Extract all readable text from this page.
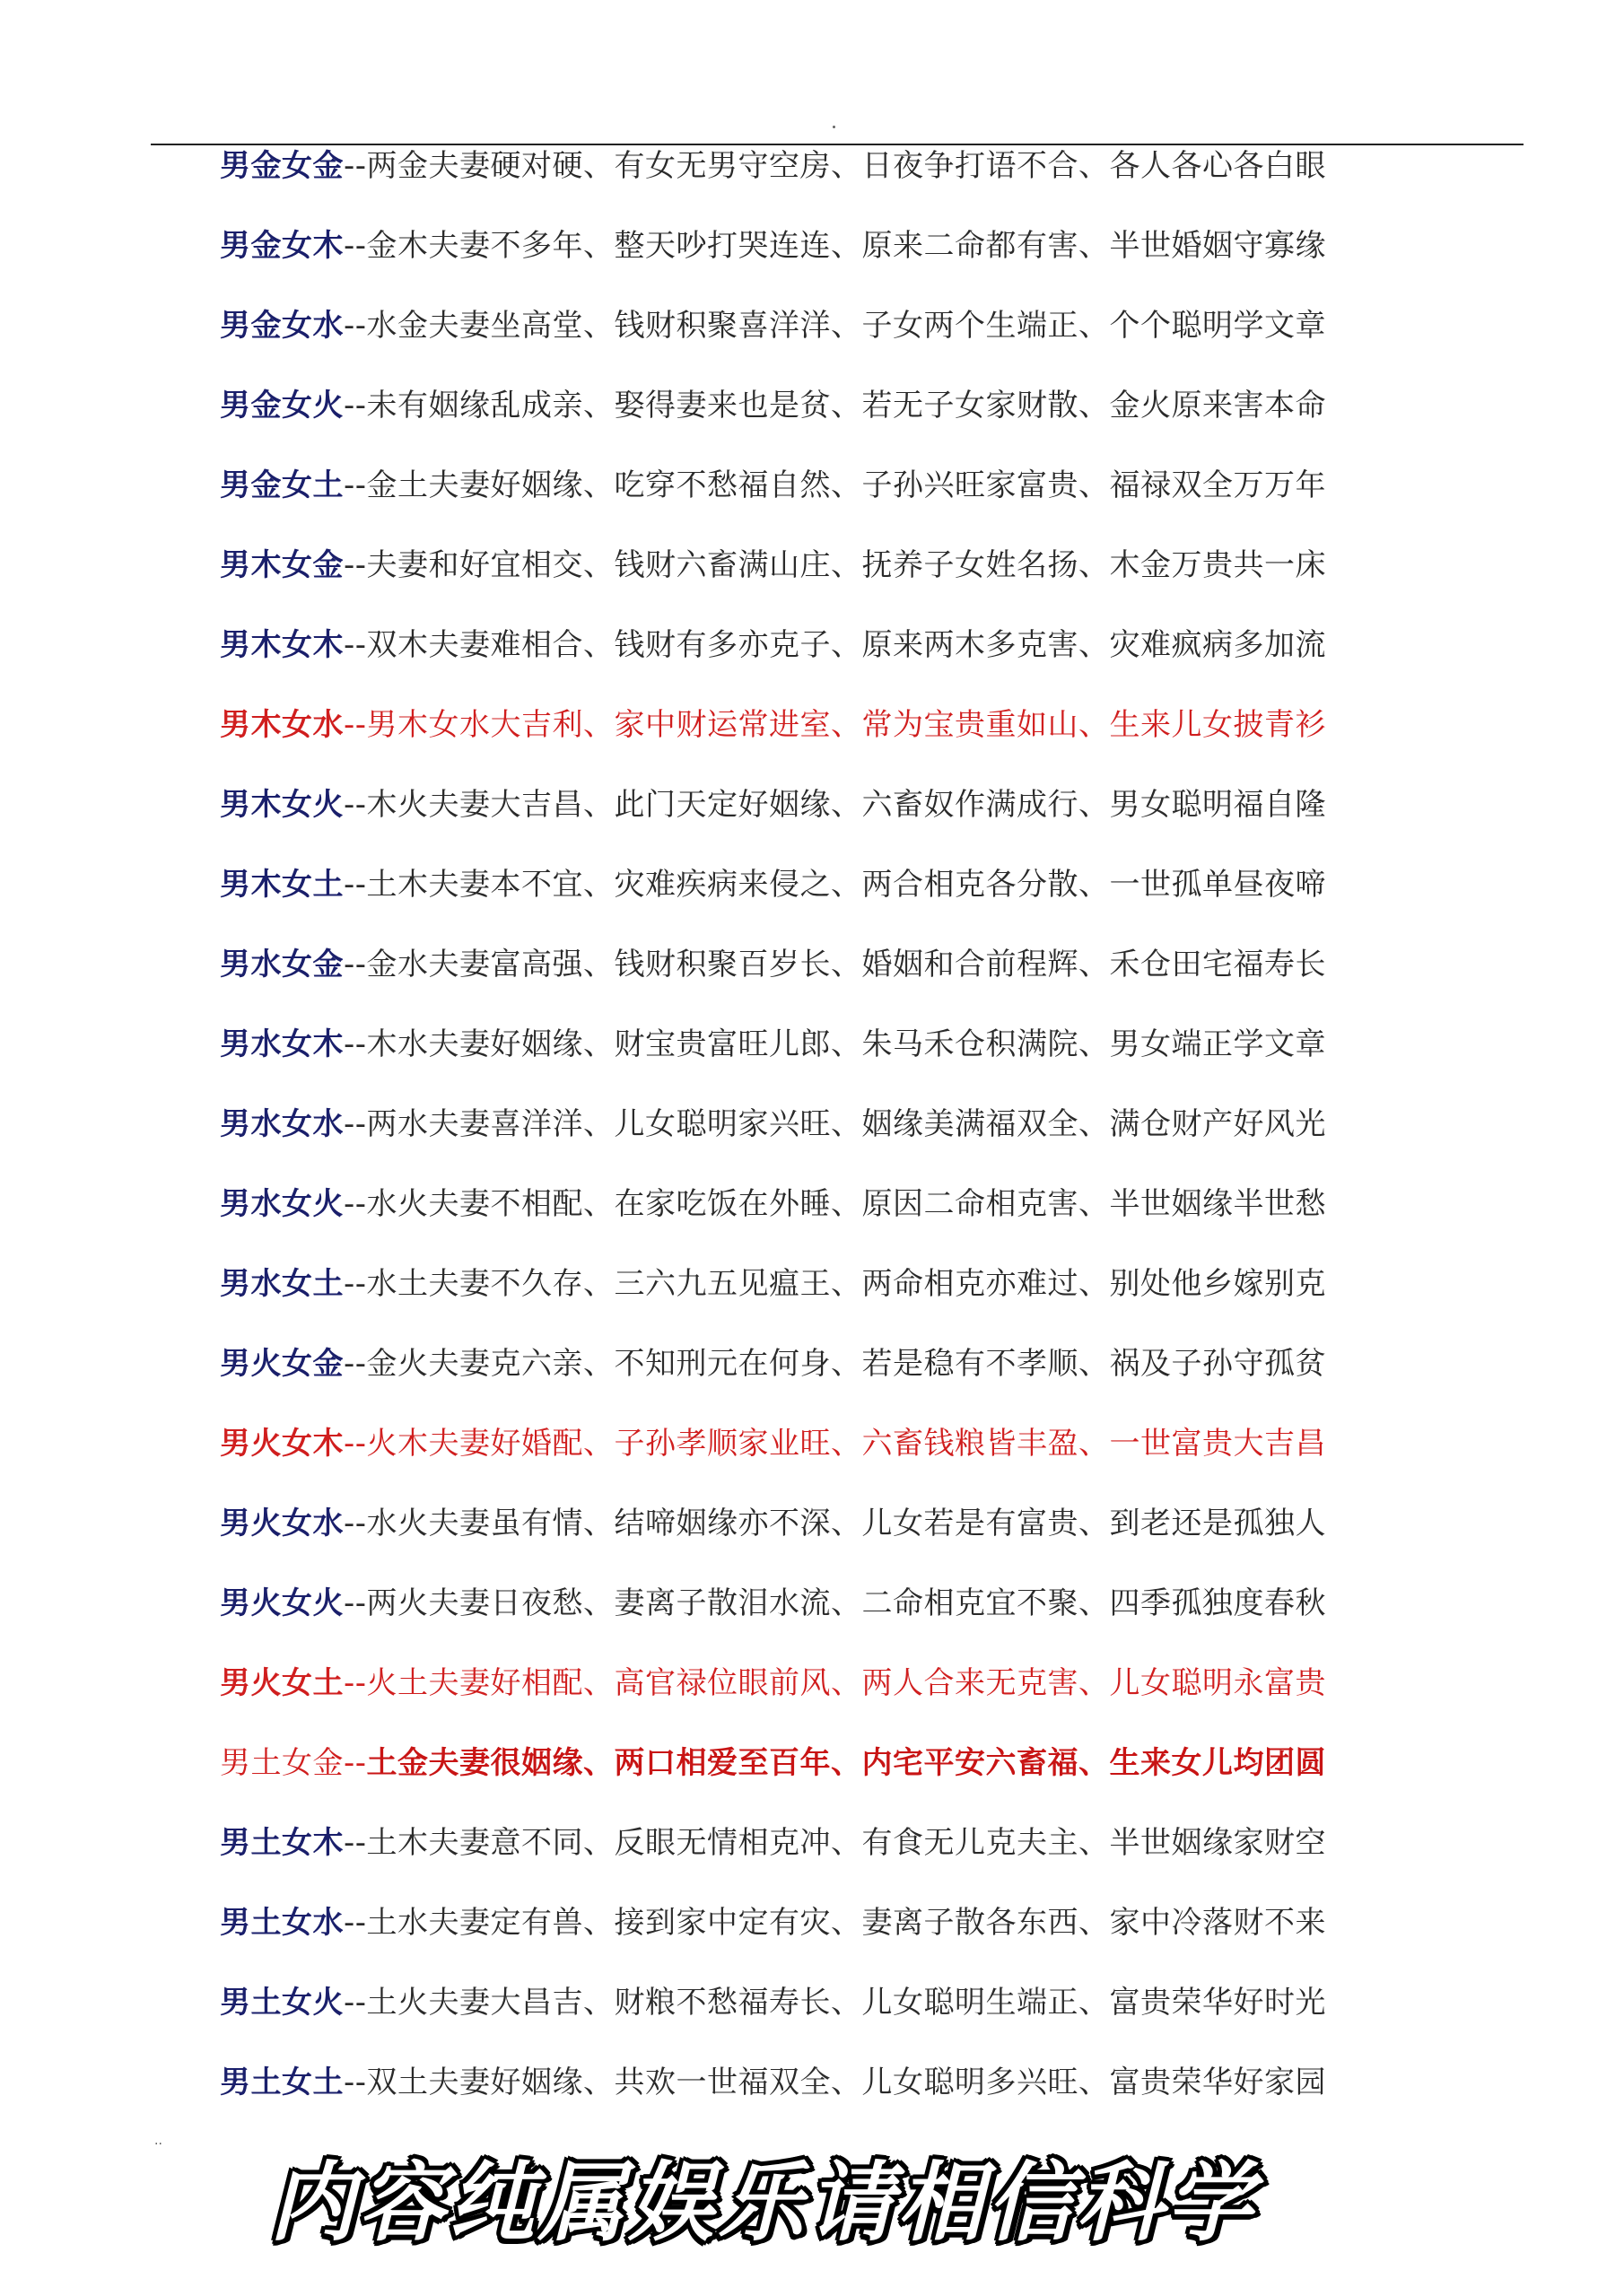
男金女金--两金夫妻硬对硬、有女无男守空房、日夜争打语不合、各人各心各白眼
男金女木--金木夫妻不多年、整天吵打哭连连、原来二命都有害、半世婚姻守寡缘
男金女水--水金夫妻坐高堂、钱财积聚喜洋洋、子女两个生端正、个个聪明学文章
男金女火--未有姻缘乱成亲、娶得妻来也是贫、若无子女家财散、金火原来害本命
男金女土--金土夫妻好姻缘、吃穿不愁福自然、子孙兴旺家富贵、福禄双全万万年
男木女金--夫妻和好宜相交、钱财六畜满山庄、抚养子女姓名扬、木金万贵共一床
男木女木--双木夫妻难相合、钱财有多亦克子、原来两木多克害、灾难疯病多加流
男木女水--男木女水大吉利、家中财运常进室、常为宝贵重如山、生来儿女披青衫
男木女火--木火夫妻大吉昌、此门天定好姻缘、六畜奴作满成行、男女聪明福自隆
男木女土--土木夫妻本不宜、灾难疾病来侵之、两合相克各分散、一世孤单昼夜啼
男水女金--金水夫妻富高强、钱财积聚百岁长、婚姻和合前程辉、禾仓田宅福寿长
男水女木--木水夫妻好姻缘、财宝贵富旺儿郎、朱马禾仓积满院、男女端正学文章
男水女水--两水夫妻喜洋洋、儿女聪明家兴旺、姻缘美满福双全、满仓财产好风光
男水女火--水火夫妻不相配、在家吃饭在外睡、原因二命相克害、半世姻缘半世愁
男水女土--水土夫妻不久存、三六九五见瘟王、两命相克亦难过、别处他乡嫁别克
男火女金--金火夫妻克六亲、不知刑元在何身、若是稳有不孝顺、祸及子孙守孤贫
男火女木--火木夫妻好婚配、子孙孝顺家业旺、六畜钱粮皆丰盈、一世富贵大吉昌
男火女水--水火夫妻虽有情、结啼姻缘亦不深、儿女若是有富贵、到老还是孤独人
男火女火--两火夫妻日夜愁、妻离子散泪水流、二命相克宜不聚、四季孤独度春秋
男火女土--火土夫妻好相配、高官禄位眼前风、两人合来无克害、儿女聪明永富贵
男土女金--土金夫妻很姻缘、两口相爱至百年、内宅平安六畜福、生来女儿均团圆
男土女木--土木夫妻意不同、反眼无情相克冲、有食无儿克夫主、半世姻缘家财空
男土女水--土水夫妻定有兽、接到家中定有灾、妻离子散各东西、家中冷落财不来
男土女火--土火夫妻大昌吉、财粮不愁福寿长、儿女聪明生端正、富贵荣华好时光
男土女土--双土夫妻好姻缘、共欢一世福双全、儿女聪明多兴旺、富贵荣华好家园
..
内容纯属娱乐请相信科学
